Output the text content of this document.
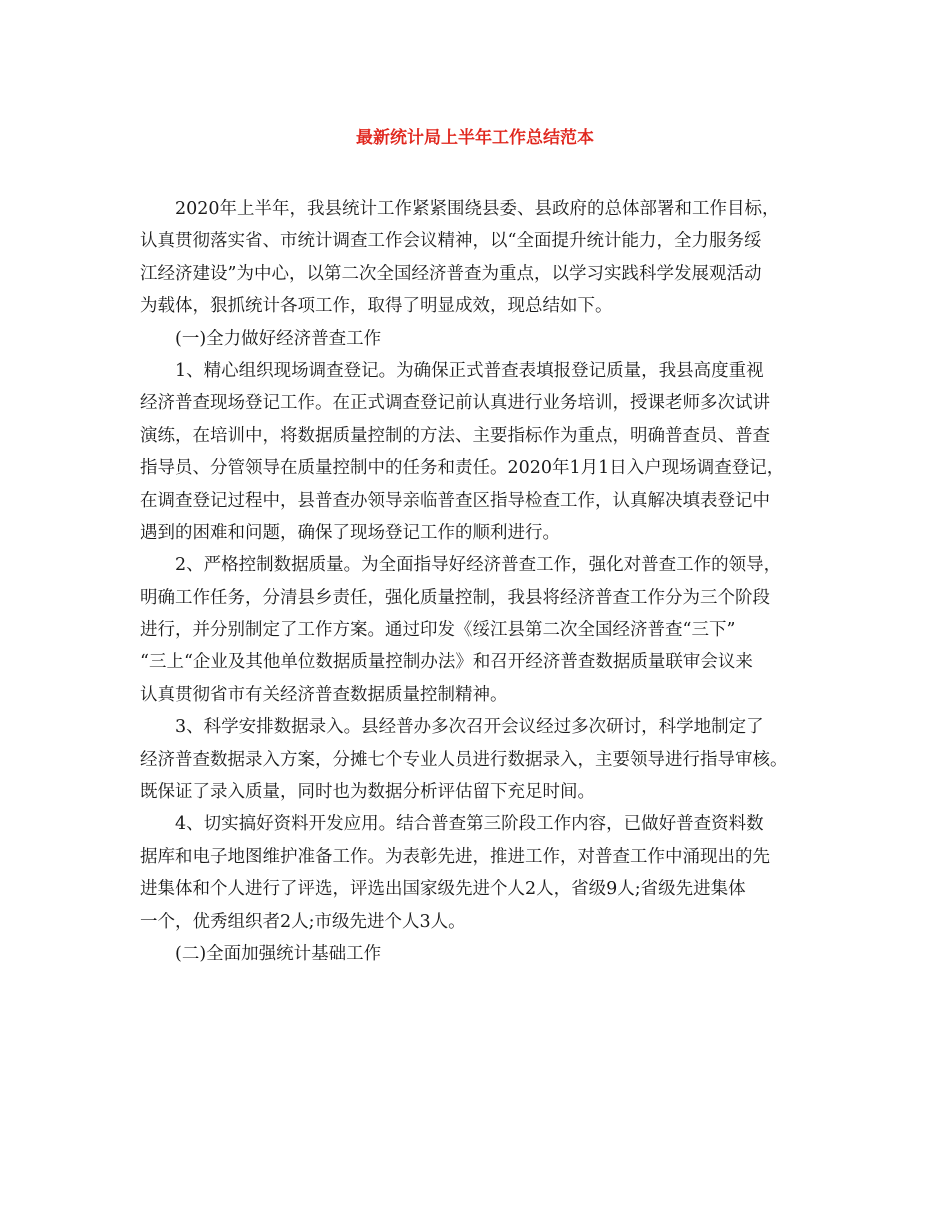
最新统计局上半年工作总结范本
2020年上半年，我县统计工作紧紧围绕县委、县政府的总体部署和工作目标，
认真贯彻落实省、市统计调查工作会议精神，以“全面提升统计能力，全力服务绥
江经济建设”为中心，以第二次全国经济普查为重点，以学习实践科学发展观活动
为载体，狠抓统计各项工作，取得了明显成效，现总结如下。
(一)全力做好经济普查工作
1、精心组织现场调查登记。为确保正式普查表填报登记质量，我县高度重视
经济普查现场登记工作。在正式调查登记前认真进行业务培训，授课老师多次试讲
演练，在培训中，将数据质量控制的方法、主要指标作为重点，明确普查员、普查
指导员、分管领导在质量控制中的任务和责任。2020年1月1日入户现场调查登记，
在调查登记过程中，县普查办领导亲临普查区指导检查工作，认真解决填表登记中
遇到的困难和问题，确保了现场登记工作的顺利进行。
2、严格控制数据质量。为全面指导好经济普查工作，强化对普查工作的领导，
明确工作任务，分清县乡责任，强化质量控制，我县将经济普查工作分为三个阶段
进行，并分别制定了工作方案。通过印发《绥江县第二次全国经济普查“三下”
“三上“企业及其他单位数据质量控制办法》和召开经济普查数据质量联审会议来
认真贯彻省市有关经济普查数据质量控制精神。
3、科学安排数据录入。县经普办多次召开会议经过多次研讨，科学地制定了
经济普查数据录入方案，分摊七个专业人员进行数据录入，主要领导进行指导审核。
既保证了录入质量，同时也为数据分析评估留下充足时间。
4、切实搞好资料开发应用。结合普查第三阶段工作内容，已做好普查资料数
据库和电子地图维护准备工作。为表彰先进，推进工作，对普查工作中涌现出的先
进集体和个人进行了评选，评选出国家级先进个人2人，省级9人;省级先进集体
一个，优秀组织者2人;市级先进个人3人。
(二)全面加强统计基础工作
